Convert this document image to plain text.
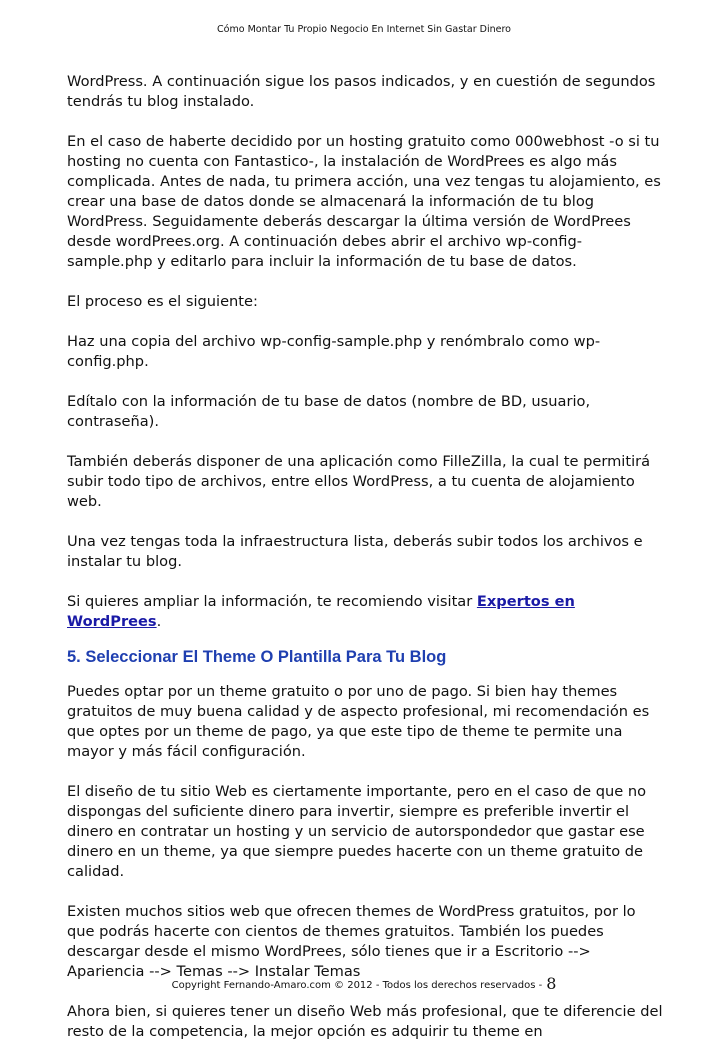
Cómo Montar Tu Propio Negocio En Internet Sin Gastar Dinero

WordPress. A continuación sigue los pasos indicados, y en cuestión de segundos tendrás tu blog instalado.

En el caso de haberte decidido por un hosting gratuito como 000webhost -o si tu hosting no cuenta con Fantastico-, la instalación de WordPrees es algo más complicada. Antes de nada, tu primera acción, una vez tengas tu alojamiento, es crear una base de datos donde se almacenará la información de tu blog WordPress. Seguidamente deberás descargar la última versión de WordPrees desde wordPrees.org. A continuación debes abrir el archivo wp-config-sample.php y editarlo para incluir la información de tu base de datos.

El proceso es el siguiente:

Haz una copia del archivo wp-config-sample.php y renómbralo como wp-config.php.

Edítalo con la información de tu base de datos (nombre de BD, usuario, contraseña).

También deberás disponer de una aplicación como FilleZilla, la cual te permitirá subir todo tipo de archivos, entre ellos WordPress, a tu cuenta de alojamiento web.

Una vez tengas toda la infraestructura lista, deberás subir todos los archivos e instalar tu blog.

Si quieres ampliar la información, te recomiendo visitar Expertos en WordPrees.

5. Seleccionar El Theme O Plantilla Para Tu Blog

Puedes optar por un theme gratuito o por uno de pago. Si bien hay themes gratuitos de muy buena calidad y de aspecto profesional, mi recomendación es que optes por un theme de pago, ya que este tipo de theme te permite una mayor y más fácil configuración.

El diseño de tu sitio Web es ciertamente importante, pero en el caso de que no dispongas del suficiente dinero para invertir, siempre es preferible invertir el dinero en contratar un hosting y un servicio de autorspondedor que gastar ese dinero en un theme, ya que siempre puedes hacerte con un theme gratuito de calidad.

Existen muchos sitios web que ofrecen themes de WordPress gratuitos, por lo que podrás hacerte con cientos de themes gratuitos. También los puedes descargar desde el mismo WordPrees, sólo tienes que ir a Escritorio --> Apariencia --> Temas --> Instalar Temas

Ahora bien, si quieres tener un diseño Web más profesional, que te diferencie del resto de la competencia, la mejor opción es adquirir tu theme en

Copyright Fernando-Amaro.com © 2012 - Todos los derechos reservados - 8
